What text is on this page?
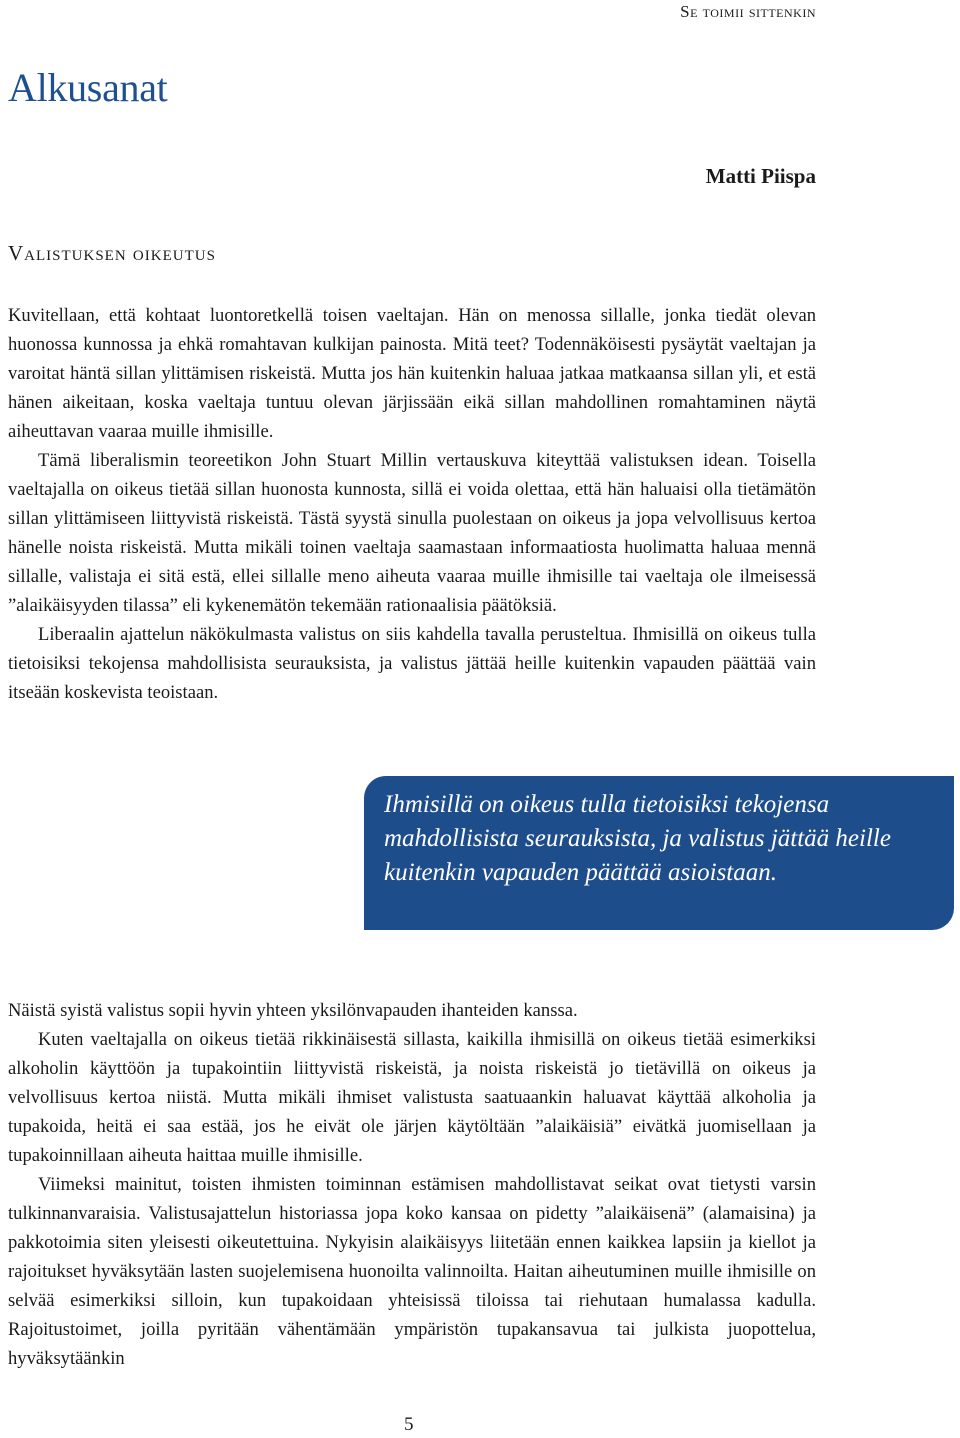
Se toimii sittenkin
Alkusanat
Matti Piispa
Valistuksen oikeutus

Kuvitellaan, että kohtaat luontoretkellä toisen vaeltajan. Hän on menossa sillalle, jonka tiedät olevan huonossa kunnossa ja ehkä romahtavan kulkijan painosta. Mitä teet? Todennäköisesti pysäytät vaeltajan ja varoitat häntä sillan ylittämisen riskeistä. Mutta jos hän kuitenkin haluaa jatkaa matkaansa sillan yli, et estä hänen aikeitaan, koska vaeltaja tuntuu olevan järjissään eikä sillan mahdollinen romahtaminen näytä aiheuttavan vaaraa muille ihmisille.

Tämä liberalismin teoreetikon John Stuart Millin vertauskuva kiteyttää valistuksen idean. Toisella vaeltajalla on oikeus tietää sillan huonosta kunnosta, sillä ei voida olettaa, että hän haluaisi olla tietämätön sillan ylittämiseen liittyvistä riskeistä. Tästä syystä sinulla puolestaan on oikeus ja jopa velvollisuus kertoa hänelle noista riskeistä. Mutta mikäli toinen vaeltaja saamastaan informaatiosta huolimatta haluaa mennä sillalle, valistaja ei sitä estä, ellei sillalle meno aiheuta vaaraa muille ihmisille tai vaeltaja ole ilmeisessä ”alaikäisyyden tilassa” eli kykenemätön tekemään rationaalisia päätöksiä.

Liberaalin ajattelun näkökulmasta valistus on siis kahdella tavalla perusteltua. Ihmisillä on oikeus tulla tietoisiksi tekojensa mahdollisista seurauksista, ja valistus jättää heille kuitenkin vapauden päättää vain itseään koskevista teoistaan.

Ihmisillä on oikeus tulla tietoisiksi tekojensa mahdollisista seurauksista, ja valistus jättää heille kuitenkin vapauden päättää asioistaan.

Näistä syistä valistus sopii hyvin yhteen yksilönvapauden ihanteiden kanssa.

Kuten vaeltajalla on oikeus tietää rikkinäisestä sillasta, kaikilla ihmisillä on oikeus tietää esimerkiksi alkoholin käyttöön ja tupakointiin liittyvistä riskeistä, ja noista riskeistä jo tietävillä on oikeus ja velvollisuus kertoa niistä. Mutta mikäli ihmiset valistusta saatuaankin haluavat käyttää alkoholia ja tupakoida, heitä ei saa estää, jos he eivät ole järjen käytöltään ”alaikäisiä” eivätkä juomisellaan ja tupakoinnillaan aiheuta haittaa muille ihmisille.

Viimeksi mainitut, toisten ihmisten toiminnan estämisen mahdollistavat seikat ovat tietysti varsin tulkinnanvaraisia. Valistusajattelun historiassa jopa koko kansaa on pidetty ”alaikäisenä” (alamaisina) ja pakkotoimia siten yleisesti oikeutettuina. Nykyisin alaikäisyys liitetään ennen kaikkea lapsiin ja kiellot ja rajoitukset hyväksytään lasten suojelemisena huonoilta valinnoilta. Haitan aiheutuminen muille ihmisille on selvää esimerkiksi silloin, kun tupakoidaan yhteisissä tiloissa tai riehutaan humalassa kadulla. Rajoitustoimet, joilla pyritään vähentämään ympäristön tupakansavua tai julkista juopottelua, hyväksytäänkin

5
